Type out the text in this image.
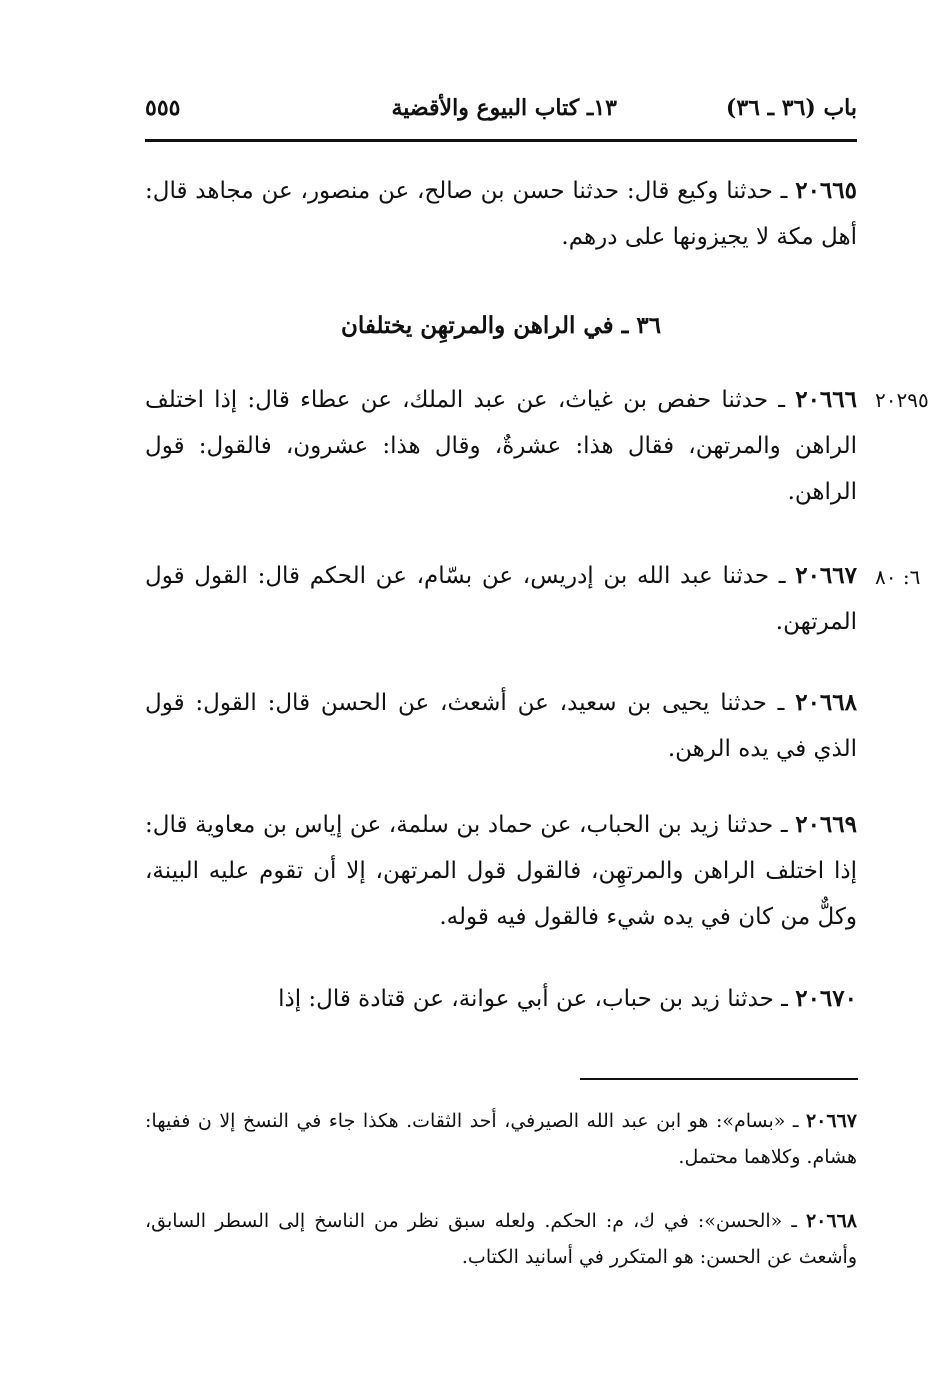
باب (٣٦ ـ ٣٦)
١٣ـ كتاب البيوع والأقضية
٥٥٥

٢٠٦٦٥ ـ حدثنا وكيع قال: حدثنا حسن بن صالح، عن منصور، عن مجاهد قال: أهل مكة لا يجيزونها على درهم.

٣٦ ـ في الراهن والمرتهِن يختلفان

٢٠٦٦٦ ـ حدثنا حفص بن غياث، عن عبد الملك، عن عطاء قال: إذا اختلف الراهن والمرتهن، فقال هذا: عشرةٌ، وقال هذا: عشرون، فالقول: قول الراهن.

٢٠٢٩٥

٢٠٦٦٧ ـ حدثنا عبد الله بن إدريس، عن بسّام، عن الحكم قال: القول قول المرتهن.

٦: ٨٠

٢٠٦٦٨ ـ حدثنا يحيى بن سعيد، عن أشعث، عن الحسن قال: القول: قول الذي في يده الرهن.

٢٠٦٦٩ ـ حدثنا زيد بن الحباب، عن حماد بن سلمة، عن إياس بن معاوية قال: إذا اختلف الراهن والمرتهِن، فالقول قول المرتهن، إلا أن تقوم عليه البينة، وكلٌّ من كان في يده شيء فالقول فيه قوله.

٢٠٦٧٠ ـ حدثنا زيد بن حباب، عن أبي عوانة، عن قتادة قال: إذا

٢٠٦٦٧ ـ «بسام»: هو ابن عبد الله الصيرفي، أحد الثقات. هكذا جاء في النسخ إلا ن ففيها: هشام. وكلاهما محتمل.

٢٠٦٦٨ ـ «الحسن»: في ك، م: الحكم. ولعله سبق نظر من الناسخ إلى السطر السابق، وأشعث عن الحسن: هو المتكرر في أسانيد الكتاب.
